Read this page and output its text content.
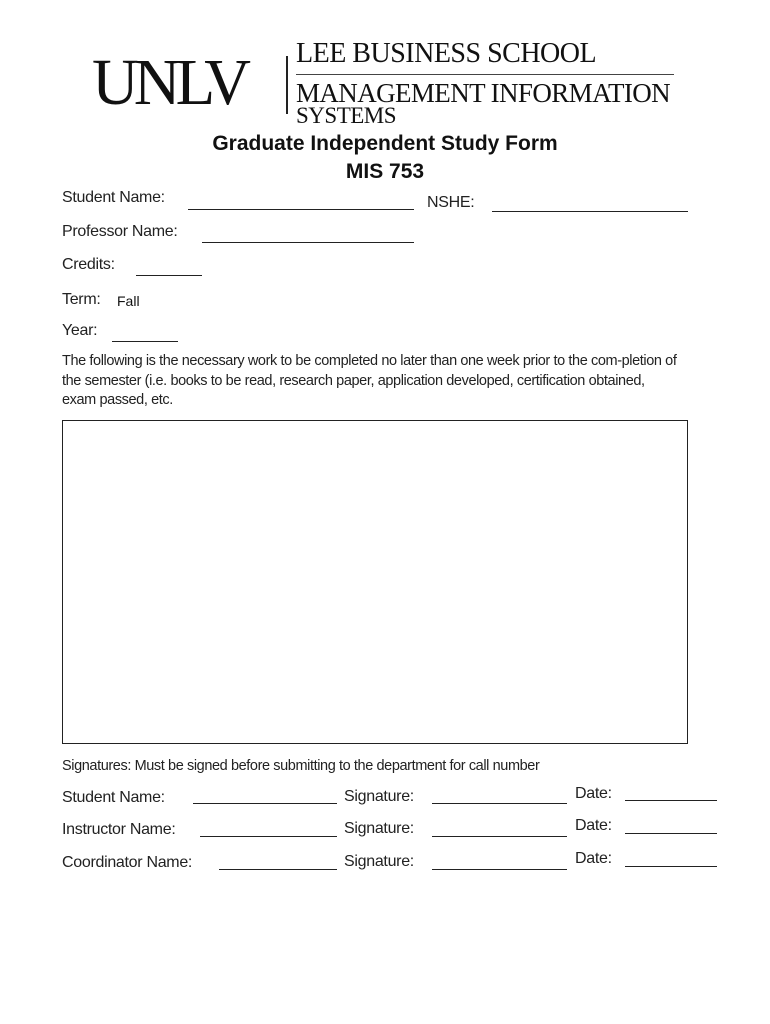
UNLV LEE BUSINESS SCHOOL
MANAGEMENT INFORMATION
SYSTEMS
Graduate Independent Study Form
MIS 753
Student Name:	NSHE:
Professor Name:
Credits:
Term: Fall
Year:
The following is the necessary work to be completed no later than one week prior to the com-pletion of the semester (i.e. books to be read, research paper, application developed, certification obtained, exam passed, etc.
Signatures: Must be signed before submitting to the department for call number
Student Name:	Signature:	Date:
Instructor Name:	Signature:	Date:
Coordinator Name:	Signature:	Date:
